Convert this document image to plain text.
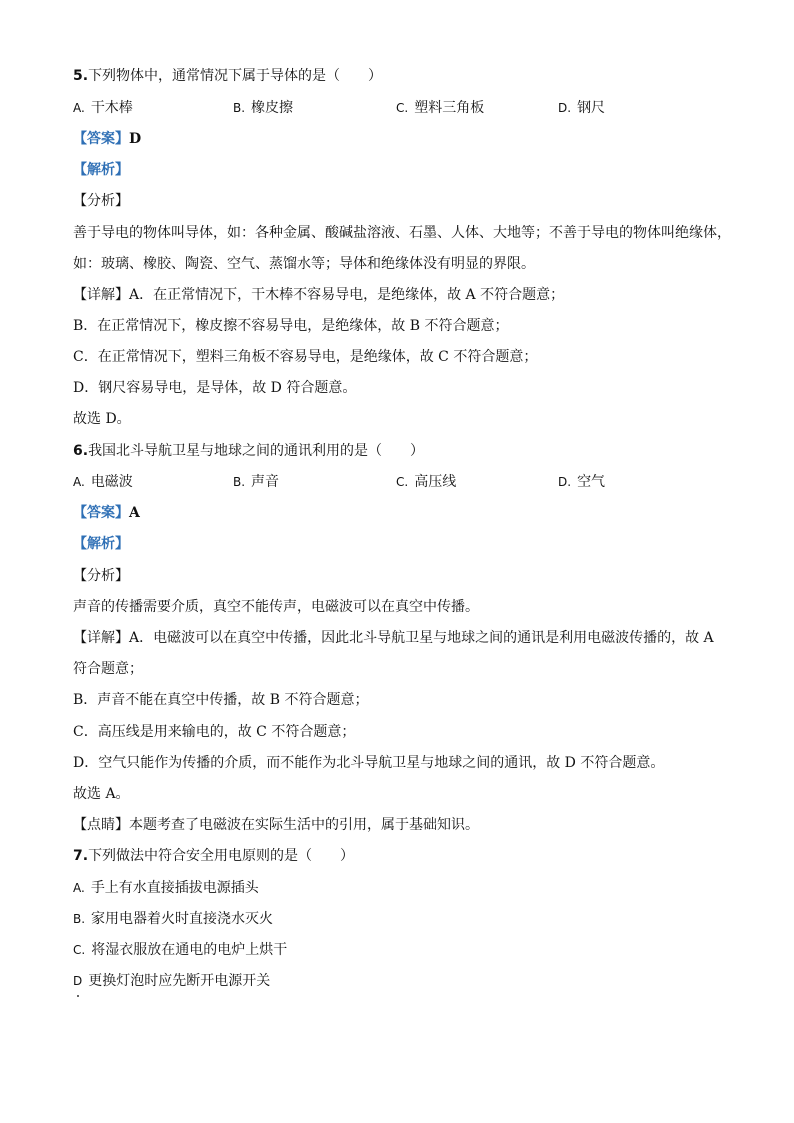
5.下列物体中，通常情况下属于导体的是（　　）
A. 干木棒	B. 橡皮擦	C. 塑料三角板	D. 钢尺
【答案】D
【解析】
【分析】
善于导电的物体叫导体，如：各种金属、酸碱盐溶液、石墨、人体、大地等；不善于导电的物体叫绝缘体，
如：玻璃、橡胶、陶瓷、空气、蒸馏水等；导体和绝缘体没有明显的界限。
【详解】A．在正常情况下，干木棒不容易导电，是绝缘体，故 A 不符合题意；
B．在正常情况下，橡皮擦不容易导电，是绝缘体，故 B 不符合题意；
C．在正常情况下，塑料三角板不容易导电，是绝缘体，故 C 不符合题意；
D．钢尺容易导电，是导体，故 D 符合题意。
故选 D。
6.我国北斗导航卫星与地球之间的通讯利用的是（　　）
A. 电磁波	B. 声音	C. 高压线	D. 空气
【答案】A
【解析】
【分析】
声音的传播需要介质，真空不能传声，电磁波可以在真空中传播。
【详解】A．电磁波可以在真空中传播，因此北斗导航卫星与地球之间的通讯是利用电磁波传播的，故 A
符合题意；
B．声音不能在真空中传播，故 B 不符合题意；
C．高压线是用来输电的，故 C 不符合题意；
D．空气只能作为传播的介质，而不能作为北斗导航卫星与地球之间的通讯，故 D 不符合题意。
故选 A。
【点睛】本题考查了电磁波在实际生活中的引用，属于基础知识。
7.下列做法中符合安全用电原则的是（　　）
A. 手上有水直接插拔电源插头
B. 家用电器着火时直接浇水灭火
C. 将湿衣服放在通电的电炉上烘干
D 更换灯泡时应先断开电源开关
